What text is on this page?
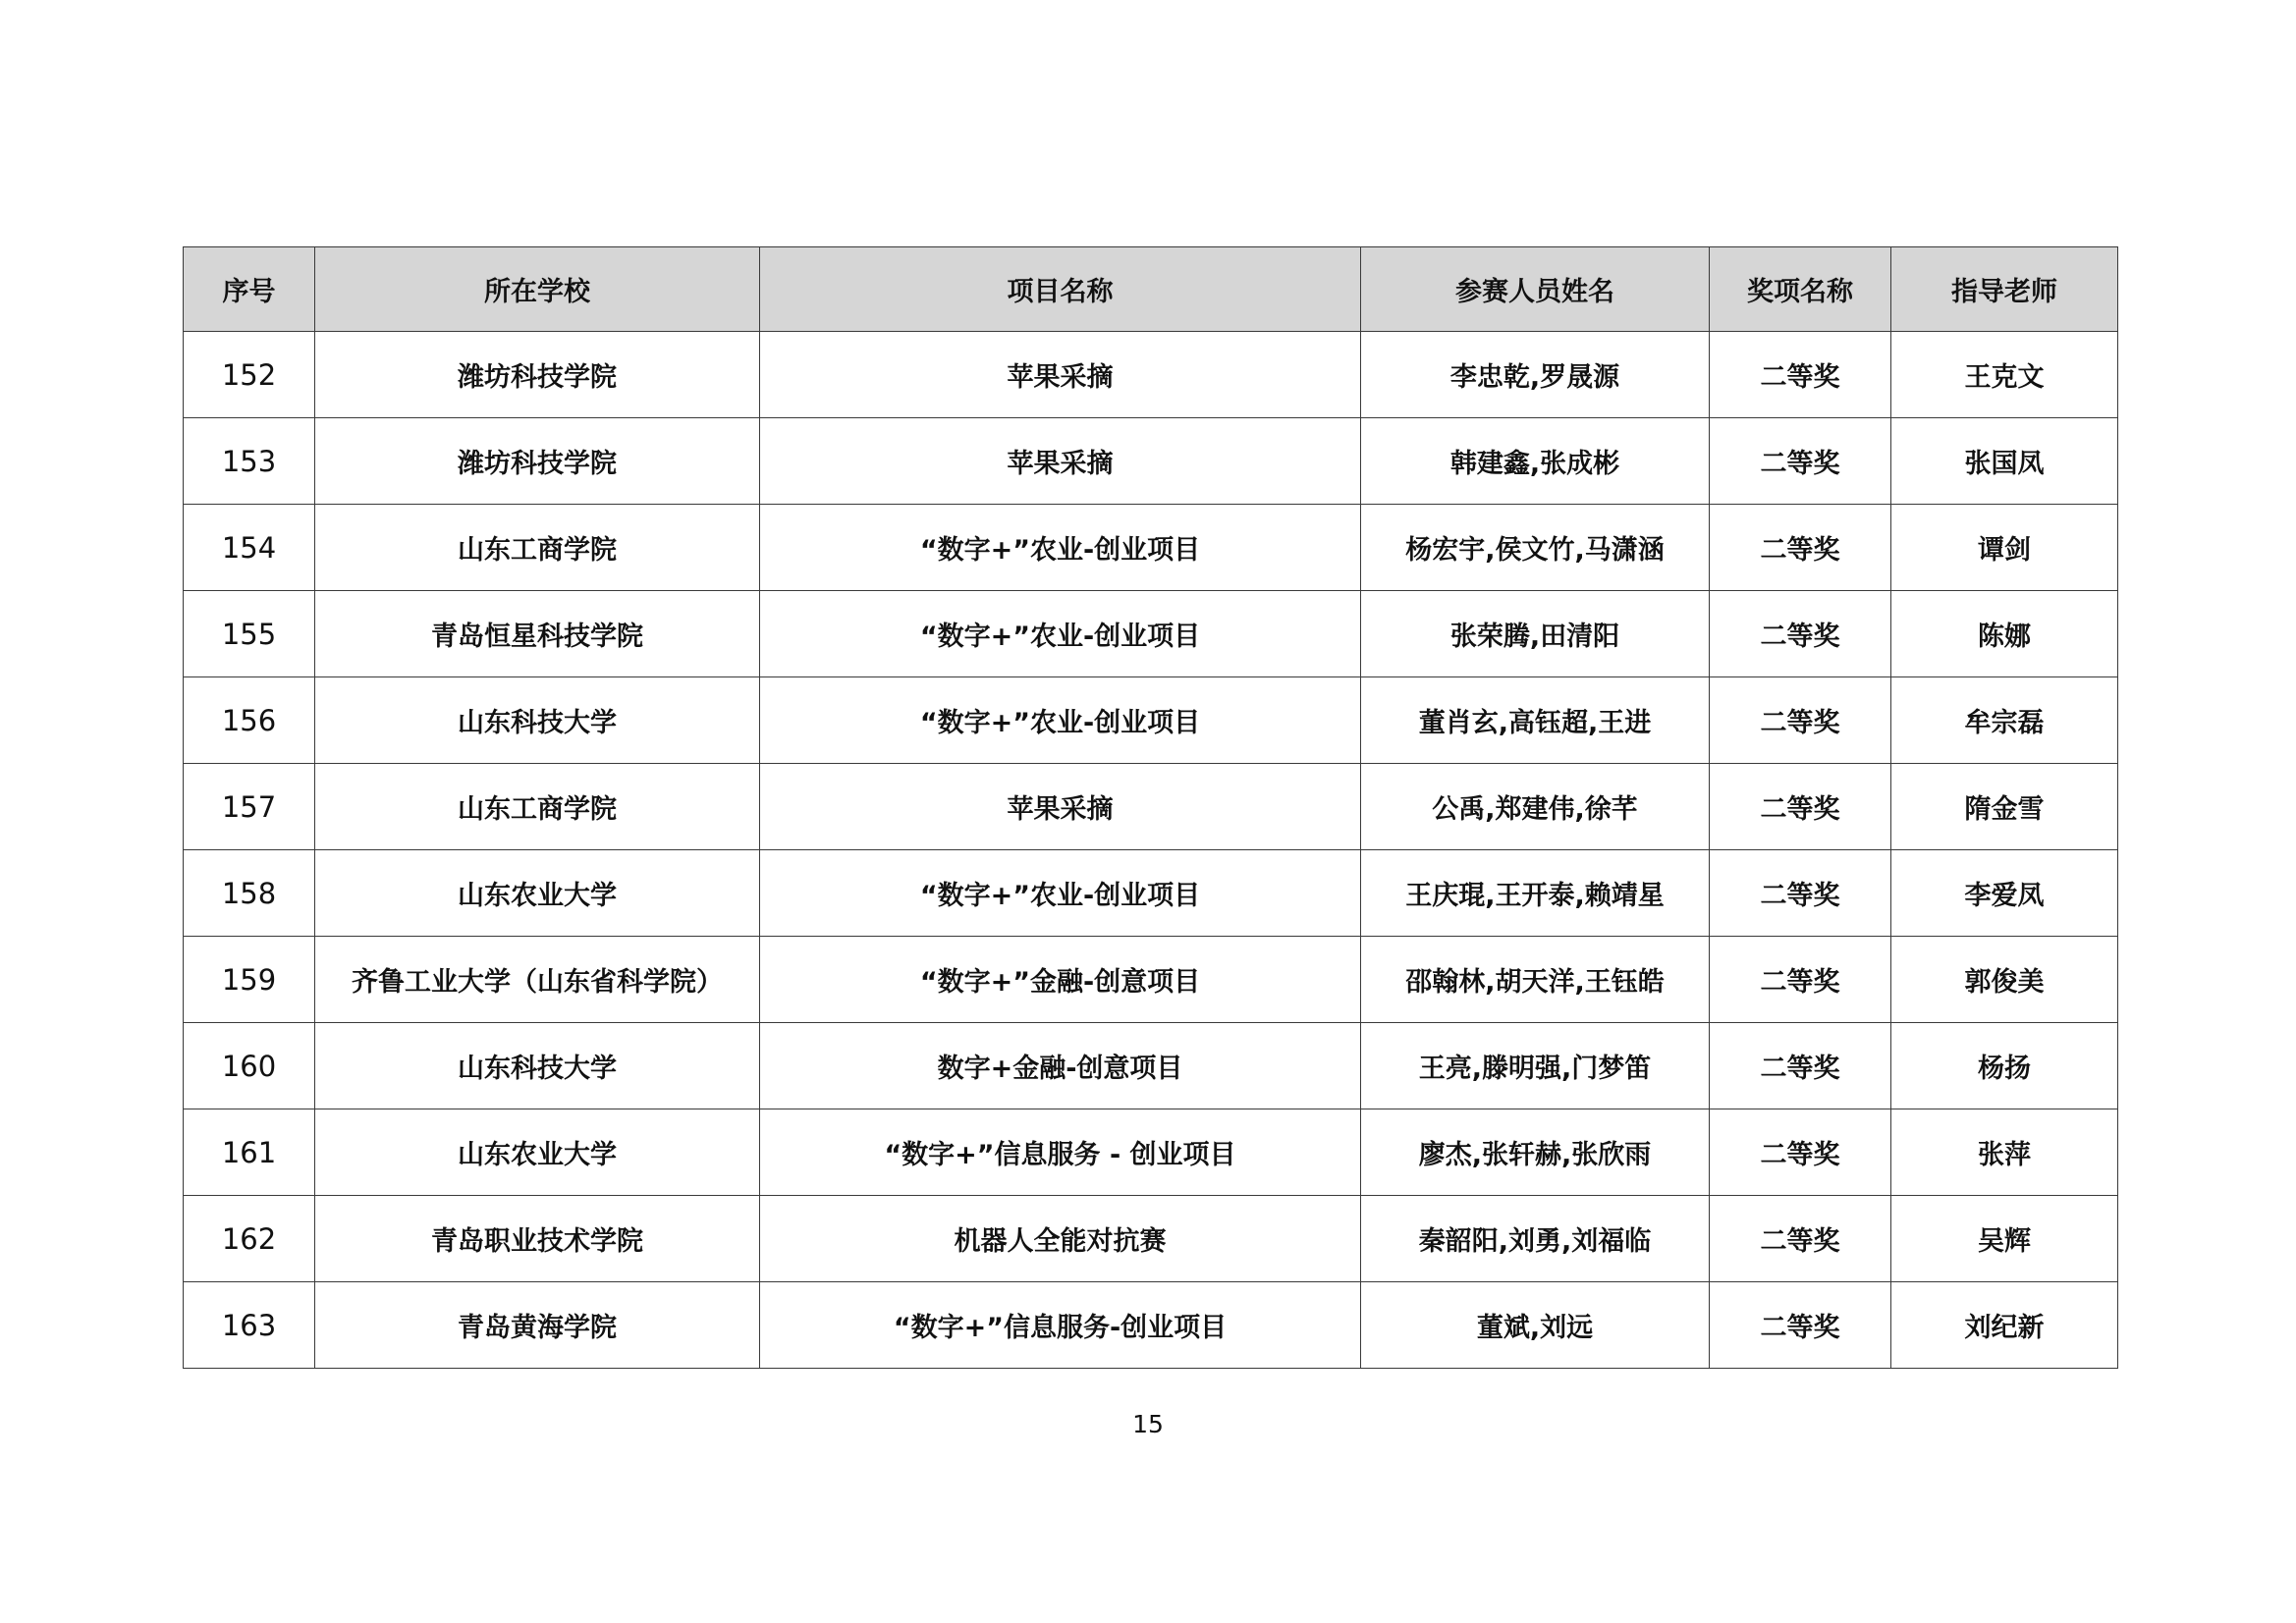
序号	所在学校	项目名称	参赛人员姓名	奖项名称	指导老师
152	潍坊科技学院	苹果采摘	李忠乾,罗晟源	二等奖	王克文
153	潍坊科技学院	苹果采摘	韩建鑫,张成彬	二等奖	张国凤
154	山东工商学院	“数字+”农业-创业项目	杨宏宇,侯文竹,马潇涵	二等奖	谭剑
155	青岛恒星科技学院	“数字+”农业-创业项目	张荣腾,田清阳	二等奖	陈娜
156	山东科技大学	“数字+”农业-创业项目	董肖玄,高钰超,王进	二等奖	牟宗磊
157	山东工商学院	苹果采摘	公禹,郑建伟,徐芊	二等奖	隋金雪
158	山东农业大学	“数字+”农业-创业项目	王庆琨,王开泰,赖靖星	二等奖	李爱凤
159	齐鲁工业大学（山东省科学院）	“数字+”金融-创意项目	邵翰林,胡天洋,王钰皓	二等奖	郭俊美
160	山东科技大学	数字+金融-创意项目	王亮,滕明强,门梦笛	二等奖	杨扬
161	山东农业大学	“数字+”信息服务 - 创业项目	廖杰,张轩赫,张欣雨	二等奖	张萍
162	青岛职业技术学院	机器人全能对抗赛	秦韶阳,刘勇,刘福临	二等奖	吴辉
163	青岛黄海学院	“数字+”信息服务-创业项目	董斌,刘远	二等奖	刘纪新
15
